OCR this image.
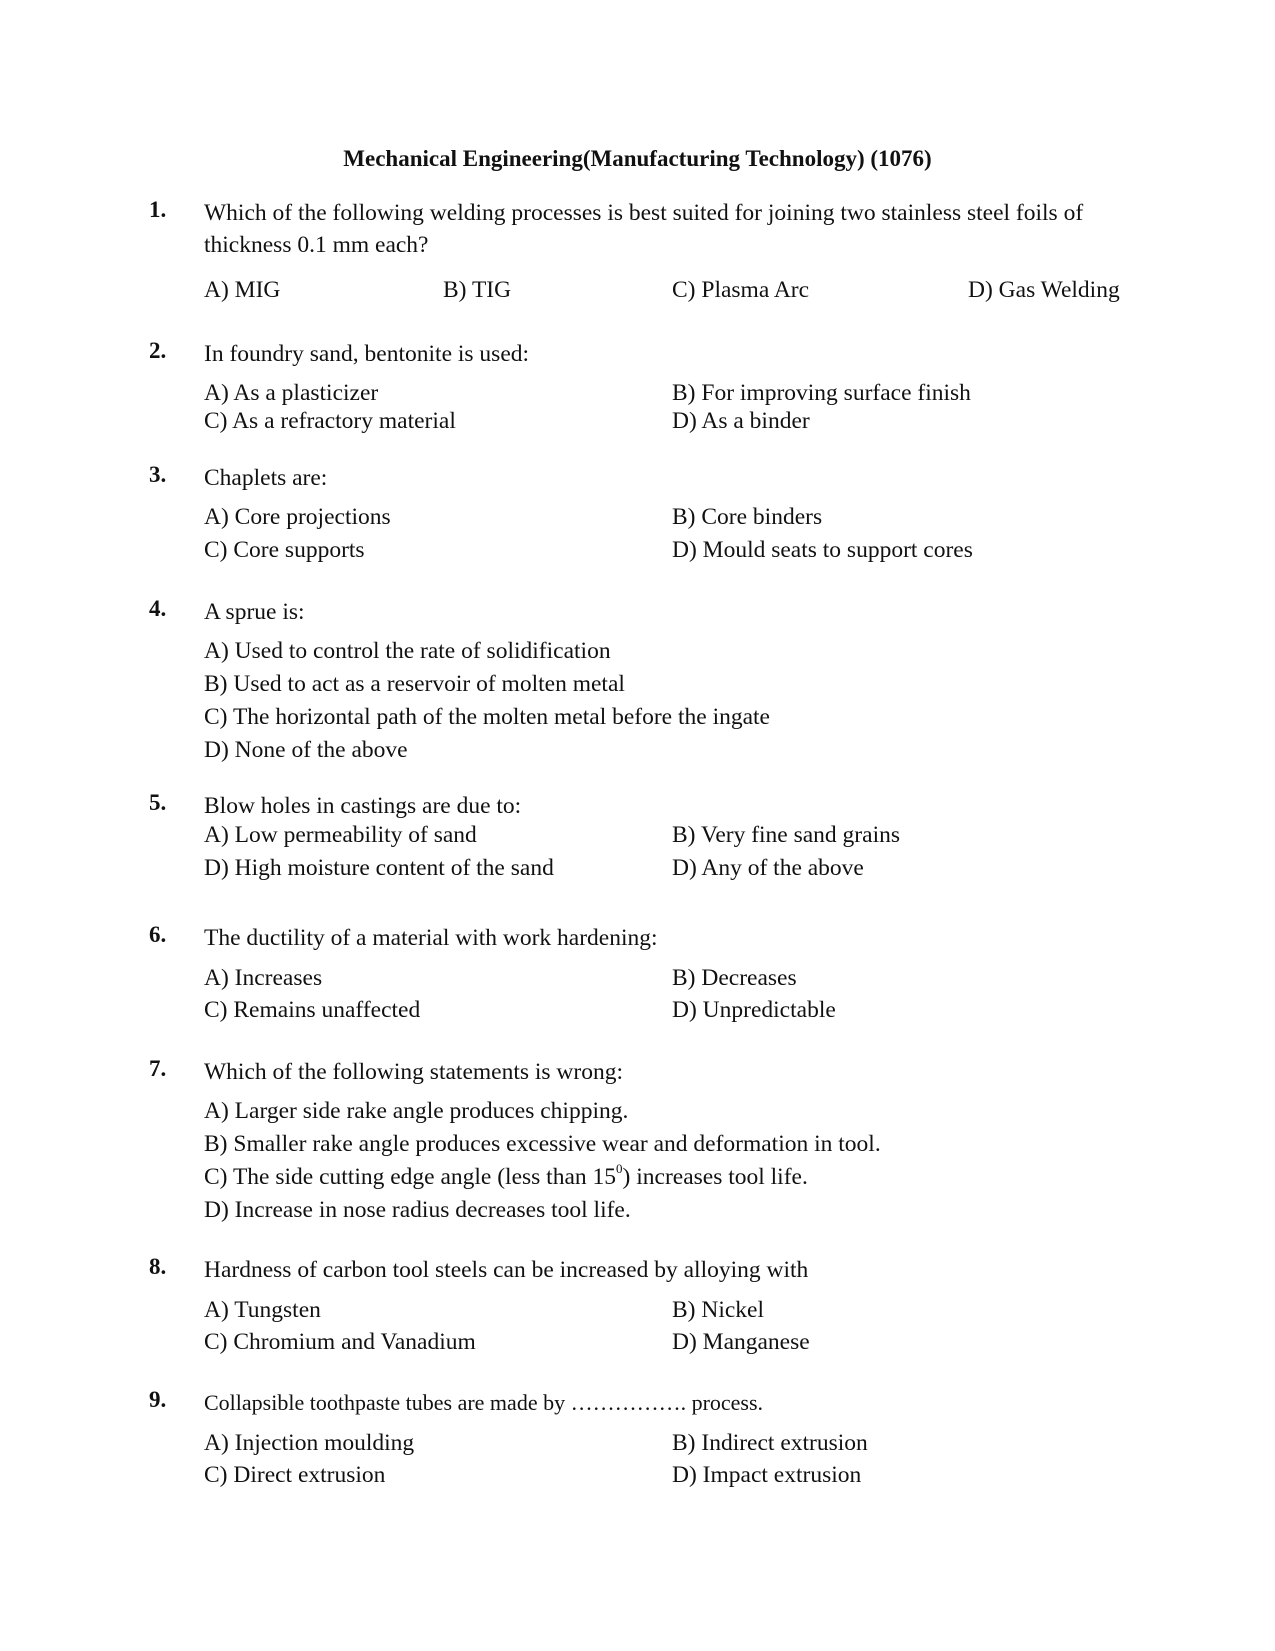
Mechanical Engineering(Manufacturing Technology) (1076)
1. Which of the following welding processes is best suited for joining two stainless steel foils of thickness 0.1 mm each?
A) MIG	B) TIG	C) Plasma Arc	D) Gas Welding
2. In foundry sand, bentonite is used:
A) As a plasticizer	B) For improving surface finish
C) As a refractory material	D) As a binder
3. Chaplets are:
A) Core projections	B) Core binders
C) Core supports	D) Mould seats to support cores
4. A sprue is:
A) Used to control the rate of solidification
B) Used to act as a reservoir of molten metal
C) The horizontal path of the molten metal before the ingate
D) None of the above
5. Blow holes in castings are due to:
A) Low permeability of sand	B) Very fine sand grains
D) High moisture content of the sand	D) Any of the above
6. The ductility of a material with work hardening:
A) Increases	B) Decreases
C) Remains unaffected	D) Unpredictable
7. Which of the following statements is wrong:
A) Larger side rake angle produces chipping.
B) Smaller rake angle produces excessive wear and deformation in tool.
C) The side cutting edge angle (less than $15^0$) increases tool life.
D) Increase in nose radius decreases tool life.
8. Hardness of carbon tool steels can be increased by alloying with
A) Tungsten	B) Nickel
C) Chromium and Vanadium	D) Manganese
9. Collapsible toothpaste tubes are made by ……………. process.
A) Injection moulding	B) Indirect extrusion
C) Direct extrusion	D) Impact extrusion
